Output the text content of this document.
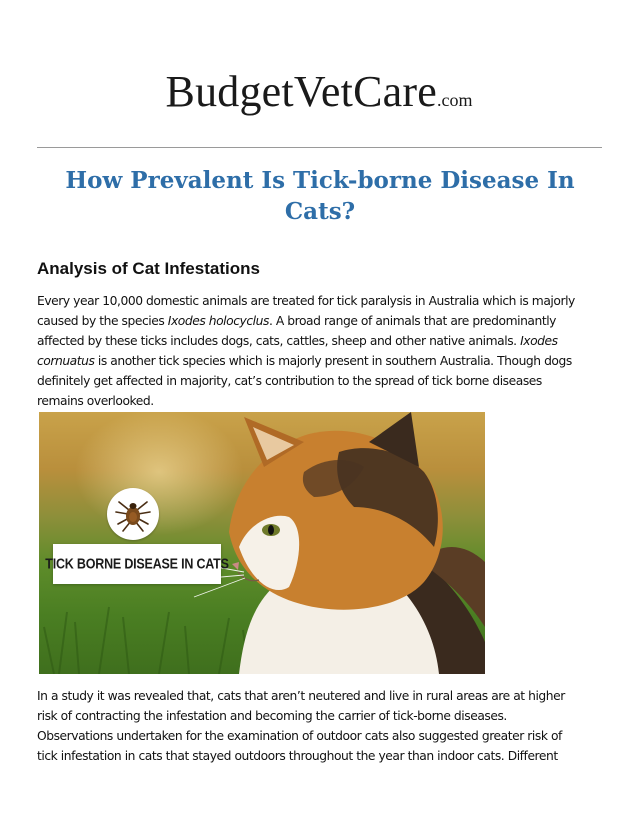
BudgetVetCare.com
How Prevalent Is Tick-borne Disease In Cats?
Analysis of Cat Infestations

Every year 10,000 domestic animals are treated for tick paralysis in Australia which is majorly
caused by the species Ixodes holocyclus. A broad range of animals that are predominantly
affected by these ticks includes dogs, cats, cattles, sheep and other native animals. Ixodes
cornuatus is another tick species which is majorly present in southern Australia. Though dogs
definitely get affected in majority, cat’s contribution to the spread of tick borne diseases
remains overlooked.

TICK BORNE DISEASE IN CATS

In a study it was revealed that, cats that aren’t neutered and live in rural areas are at higher
risk of contracting the infestation and becoming the carrier of tick-borne diseases.
Observations undertaken for the examination of outdoor cats also suggested greater risk of
tick infestation in cats that stayed outdoors throughout the year than indoor cats. Different
